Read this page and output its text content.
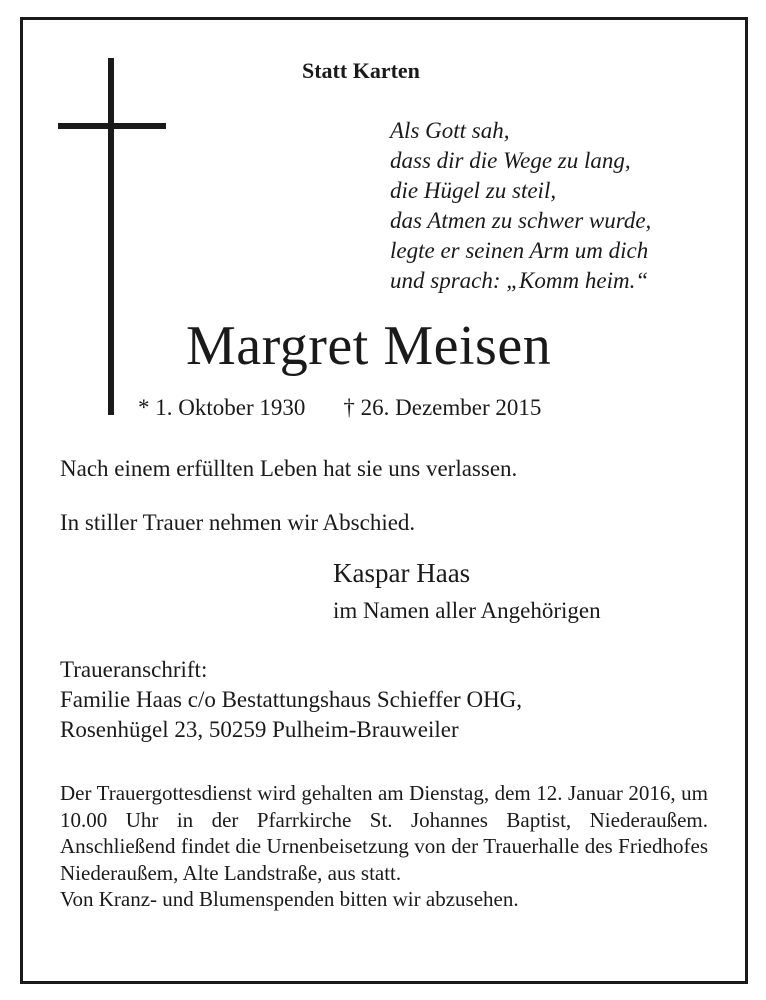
Statt Karten
Als Gott sah,
dass dir die Wege zu lang,
die Hügel zu steil,
das Atmen zu schwer wurde,
legte er seinen Arm um dich
und sprach: „Komm heim.“
Margret Meisen
* 1. Oktober 1930 † 26. Dezember 2015
Nach einem erfüllten Leben hat sie uns verlassen.
In stiller Trauer nehmen wir Abschied.
Kaspar Haas
im Namen aller Angehörigen
Traueranschrift:
Familie Haas c/o Bestattungshaus Schieffer OHG,
Rosenhügel 23, 50259 Pulheim-Brauweiler
Der Trauergottesdienst wird gehalten am Dienstag, dem 12. Januar 2016, um 10.00 Uhr in der Pfarrkirche St. Johannes Baptist, Niederaußem. Anschließend findet die Urnenbeisetzung von der Trauerhalle des Friedhofes Niederaußem, Alte Landstraße, aus statt.
Von Kranz- und Blumenspenden bitten wir abzusehen.
